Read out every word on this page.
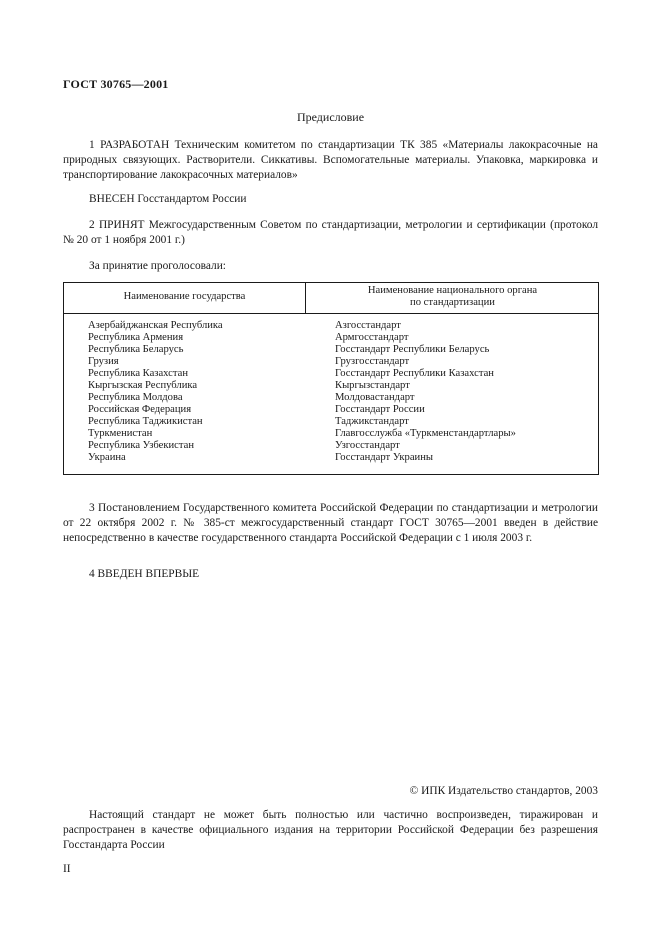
ГОСТ 30765—2001
Предисловие
1 РАЗРАБОТАН Техническим комитетом по стандартизации ТК 385 «Материалы лакокрасочные на природных связующих. Растворители. Сиккативы. Вспомогательные материалы. Упаковка, маркировка и транспортирование лакокрасочных материалов»
ВНЕСЕН Госстандартом России
2 ПРИНЯТ Межгосударственным Советом по стандартизации, метрологии и сертификации (протокол № 20 от 1 ноября 2001 г.)
За принятие проголосовали:
Наименование государства
Наименование национального органа
по стандартизации
Азербайджанская Республика
Республика Армения
Республика Беларусь
Грузия
Республика Казахстан
Кыргызская Республика
Республика Молдова
Российская Федерация
Республика Таджикистан
Туркменистан
Республика Узбекистан
Украина
Азгосстандарт
Армгосстандарт
Госстандарт Республики Беларусь
Грузгосстандарт
Госстандарт Республики Казахстан
Кыргызстандарт
Молдовастандарт
Госстандарт России
Таджикстандарт
Главгосслужба «Туркменстандартлары»
Узгосстандарт
Госстандарт Украины
3 Постановлением Государственного комитета Российской Федерации по стандартизации и метрологии от 22 октября 2002 г. № 385-ст межгосударственный стандарт ГОСТ 30765—2001 введен в действие непосредственно в качестве государственного стандарта Российской Федерации с 1 июля 2003 г.
4 ВВЕДЕН ВПЕРВЫЕ
© ИПК Издательство стандартов, 2003
Настоящий стандарт не может быть полностью или частично воспроизведен, тиражирован и распространен в качестве официального издания на территории Российской Федерации без разрешения Госстандарта России
II
